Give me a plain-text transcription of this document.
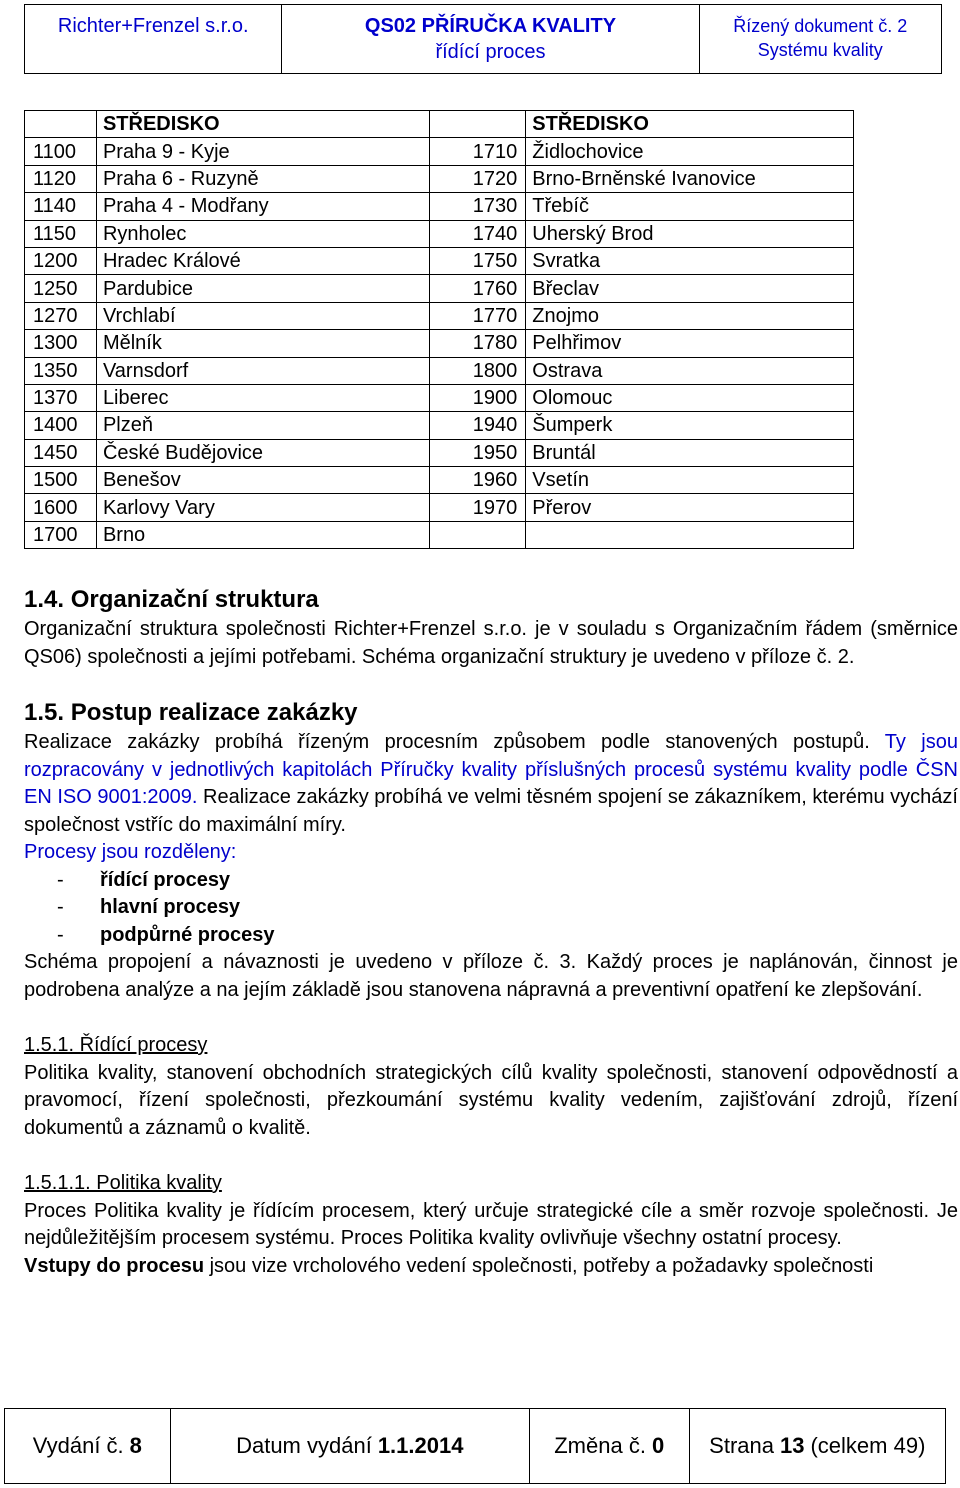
Richter+Frenzel s.r.o.	QS02 PŘÍRUČKA KVALITY
řídící proces
Řízený dokument č. 2
Systému kvality
	STŘEDISKO		STŘEDISKO
1100	Praha 9 - Kyje	1710	Židlochovice
1120	Praha 6 - Ruzyně	1720	Brno-Brněnské Ivanovice
1140	Praha 4 - Modřany	1730	Třebíč
1150	Rynholec	1740	Uherský Brod
1200	Hradec Králové	1750	Svratka
1250	Pardubice	1760	Břeclav
1270	Vrchlabí	1770	Znojmo
1300	Mělník	1780	Pelhřimov
1350	Varnsdorf	1800	Ostrava
1370	Liberec	1900	Olomouc
1400	Plzeň	1940	Šumperk
1450	České Budějovice	1950	Bruntál
1500	Benešov	1960	Vsetín
1600	Karlovy Vary	1970	Přerov
1700	Brno		
1.4. Organizační struktura

Organizační struktura společnosti Richter+Frenzel s.r.o. je v souladu s Organizačním řádem (směrnice QS06) společnosti a jejími potřebami. Schéma organizační struktury je uvedeno v příloze č. 2.

1.5. Postup realizace zakázky

Realizace zakázky probíhá řízeným procesním způsobem podle stanovených postupů. Ty jsou rozpracovány v jednotlivých kapitolách Příručky kvality příslušných procesů systému kvality podle ČSN EN ISO 9001:2009. Realizace zakázky probíhá ve velmi těsném spojení se zákazníkem, kterému vychází společnost vstříc do maximální míry.

Procesy jsou rozděleny:
-	řídící procesy
-	hlavní procesy
-	podpůrné procesy

Schéma propojení a návaznosti je uvedeno v příloze č. 3. Každý proces je naplánován, činnost je podrobena analýze a na jejím základě jsou stanovena nápravná a preventivní opatření ke zlepšování.

1.5.1. Řídící procesy

Politika kvality, stanovení obchodních strategických cílů kvality společnosti, stanovení odpovědností a pravomocí, řízení společnosti, přezkoumání systému kvality vedením, zajišťování zdrojů, řízení dokumentů a záznamů o kvalitě.

1.5.1.1. Politika kvality

Proces Politika kvality je řídícím procesem, který určuje strategické cíle a směr rozvoje společnosti. Je nejdůležitějším procesem systému. Proces Politika kvality ovlivňuje všechny ostatní procesy.

Vstupy do procesu jsou vize vrcholového vedení společnosti, potřeby a požadavky společnosti

Vydání č. 8	Datum vydání 1.1.2014	Změna č. 0 Strana 13 (celkem 49)
